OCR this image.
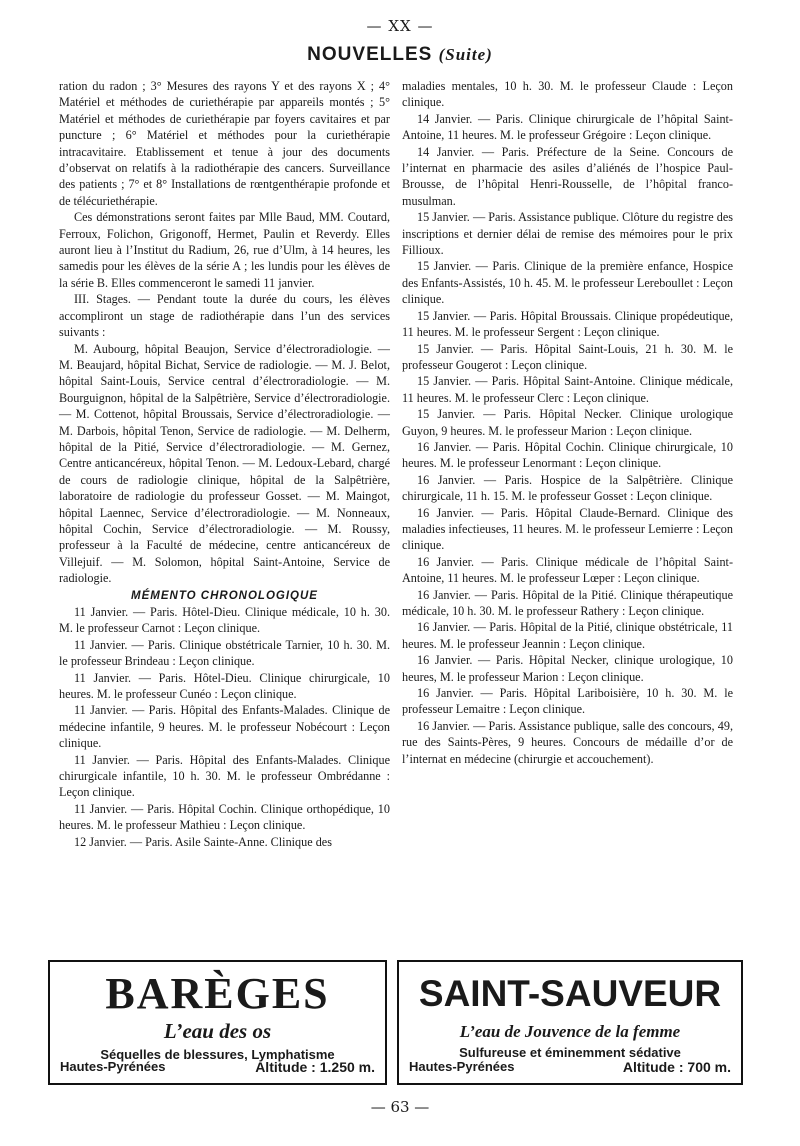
— XX —
NOUVELLES (Suite)

ration du radon ; 3° Mesures des rayons Y et des rayons X ; 4° Matériel et méthodes de curiethérapie par appareils montés ; 5° Matériel et méthodes de curiethérapie par foyers cavitaires et par puncture ; 6° Matériel et méthodes pour la curiethérapie intracavitaire. Etablissement et tenue à jour des documents d’observat on relatifs à la radiothérapie des cancers. Surveillance des patients ; 7° et 8° Installations de rœntgenthérapie profonde et de télécuriethérapie.

Ces démonstrations seront faites par Mlle Baud, MM. Coutard, Ferroux, Folichon, Grigonoff, Hermet, Paulin et Reverdy. Elles auront lieu à l’Institut du Radium, 26, rue d’Ulm, à 14 heures, les samedis pour les élèves de la série A ; les lundis pour les élèves de la série B. Elles commenceront le samedi 11 janvier.

III. Stages. — Pendant toute la durée du cours, les élèves accompliront un stage de radiothérapie dans l’un des services suivants :

M. Aubourg, hôpital Beaujon, Service d’électroradiologie. — M. Beaujard, hôpital Bichat, Service de radiologie. — M. J. Belot, hôpital Saint-Louis, Service central d’électroradiologie. — M. Bourguignon, hôpital de la Salpêtrière, Service d’électroradiologie. — M. Cottenot, hôpital Broussais, Service d’électroradiologie. — M. Darbois, hôpital Tenon, Service de radiologie. — M. Delherm, hôpital de la Pitié, Service d’électroradiologie. — M. Gernez, Centre anticancéreux, hôpital Tenon. — M. Ledoux-Lebard, chargé de cours de radiologie clinique, hôpital de la Salpêtrière, laboratoire de radiologie du professeur Gosset. — M. Maingot, hôpital Laennec, Service d’électroradiologie. — M. Nonneaux, hôpital Cochin, Service d’électroradiologie. — M. Roussy, professeur à la Faculté de médecine, centre anticancéreux de Villejuif. — M. Solomon, hôpital Saint-Antoine, Service de radiologie.

MÉMENTO CHRONOLOGIQUE

11 Janvier. — Paris. Hôtel-Dieu. Clinique médicale, 10 h. 30. M. le professeur Carnot : Leçon clinique.

11 Janvier. — Paris. Clinique obstétricale Tarnier, 10 h. 30. M. le professeur Brindeau : Leçon clinique.

11 Janvier. — Paris. Hôtel-Dieu. Clinique chirurgicale, 10 heures. M. le professeur Cunéo : Leçon clinique.

11 Janvier. — Paris. Hôpital des Enfants-Malades. Clinique de médecine infantile, 9 heures. M. le professeur Nobécourt : Leçon clinique.

11 Janvier. — Paris. Hôpital des Enfants-Malades. Clinique chirurgicale infantile, 10 h. 30. M. le professeur Ombrédanne : Leçon clinique.

11 Janvier. — Paris. Hôpital Cochin. Clinique orthopédique, 10 heures. M. le professeur Mathieu : Leçon clinique.

12 Janvier. — Paris. Asile Sainte-Anne. Clinique des

maladies mentales, 10 h. 30. M. le professeur Claude : Leçon clinique.

14 Janvier. — Paris. Clinique chirurgicale de l’hôpital Saint-Antoine, 11 heures. M. le professeur Grégoire : Leçon clinique.

14 Janvier. — Paris. Préfecture de la Seine. Concours de l’internat en pharmacie des asiles d’aliénés de l’hospice Paul-Brousse, de l’hôpital Henri-Rousselle, de l’hôpital franco-musulman.

15 Janvier. — Paris. Assistance publique. Clôture du registre des inscriptions et dernier délai de remise des mémoires pour le prix Fillioux.

15 Janvier. — Paris. Clinique de la première enfance, Hospice des Enfants-Assistés, 10 h. 45. M. le professeur Lereboullet : Leçon clinique.

15 Janvier. — Paris. Hôpital Broussais. Clinique propédeutique, 11 heures. M. le professeur Sergent : Leçon clinique.

15 Janvier. — Paris. Hôpital Saint-Louis, 21 h. 30. M. le professeur Gougerot : Leçon clinique.

15 Janvier. — Paris. Hôpital Saint-Antoine. Clinique médicale, 11 heures. M. le professeur Clerc : Leçon clinique.

15 Janvier. — Paris. Hôpital Necker. Clinique urologique Guyon, 9 heures. M. le professeur Marion : Leçon clinique.

16 Janvier. — Paris. Hôpital Cochin. Clinique chirurgicale, 10 heures. M. le professeur Lenormant : Leçon clinique.

16 Janvier. — Paris. Hospice de la Salpêtrière. Clinique chirurgicale, 11 h. 15. M. le professeur Gosset : Leçon clinique.

16 Janvier. — Paris. Hôpital Claude-Bernard. Clinique des maladies infectieuses, 11 heures. M. le professeur Lemierre : Leçon clinique.

16 Janvier. — Paris. Clinique médicale de l’hôpital Saint-Antoine, 11 heures. M. le professeur Lœper : Leçon clinique.

16 Janvier. — Paris. Hôpital de la Pitié. Clinique thérapeutique médicale, 10 h. 30. M. le professeur Rathery : Leçon clinique.

16 Janvier. — Paris. Hôpital de la Pitié, clinique obstétricale, 11 heures. M. le professeur Jeannin : Leçon clinique.

16 Janvier. — Paris. Hôpital Necker, clinique urologique, 10 heures, M. le professeur Marion : Leçon clinique.

16 Janvier. — Paris. Hôpital Lariboisière, 10 h. 30. M. le professeur Lemaitre : Leçon clinique.

16 Janvier. — Paris. Assistance publique, salle des concours, 49, rue des Saints-Pères, 9 heures. Concours de médaille d’or de l’internat en médecine (chirurgie et accouchement).

BARÈGES
L’eau des os
Séquelles de blessures, Lymphatisme
Hautes-Pyrénées	Altitude : 1.250 m.
SAINT-SAUVEUR
L’eau de Jouvence de la femme
Sulfureuse et éminemment sédative
Hautes-Pyrénées	Altitude : 700 m.
— 63 —
